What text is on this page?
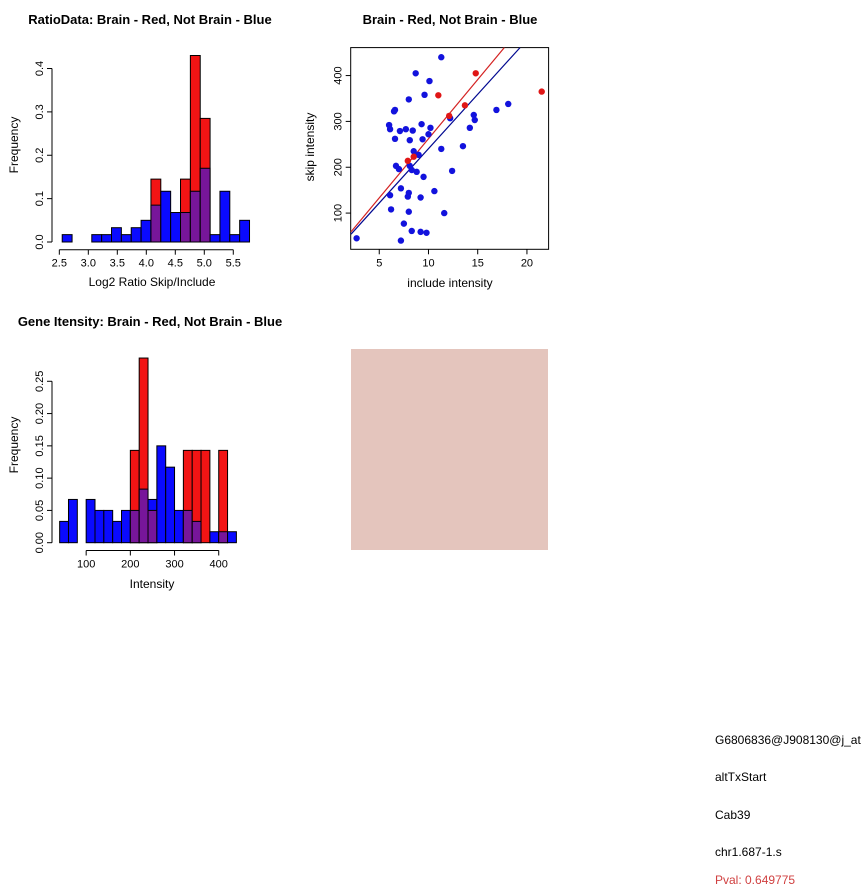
2.5 3.0 3.5 4.0 4.5 5.0 5.5
0.0
0.1
0.2
0.3
0.4
5	10	15	20
100
200
300
400
100 200 300 400
0.00
0.05
0.10
0.15
0.20
0.25
RatioData: Brain - Red, Not Brain - Blue	Brain - Red, Not Brain - Blue
Gene Itensity: Brain - Red, Not Brain - Blue
Log2 Ratio Skip/Include
Frequency
include intensity
skip intensity
Intensity
Frequency
G6806836@J908130@j_at
altTxStart
Cab39
chr1.687-1.s
Pval: 0.649775
